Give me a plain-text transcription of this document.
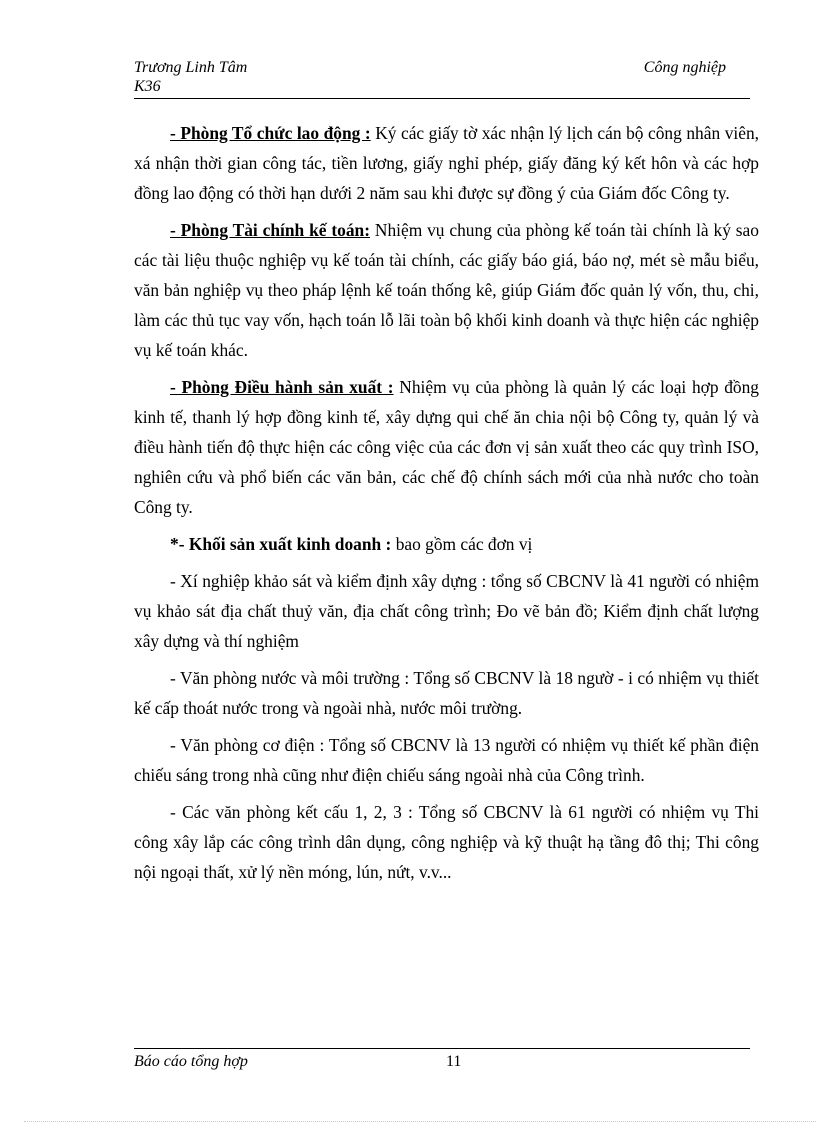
Trương Linh Tâm
K36
Công nghiệp

- Phòng Tổ chức lao động : Ký các giấy tờ xác nhận lý lịch cán bộ công nhân viên, xá nhận thời gian công tác, tiền lương, giấy nghỉ phép, giấy đăng ký kết hôn và các hợp đồng lao động có thời hạn dưới 2 năm sau khi được sự đồng ý của Giám đốc Công ty.

- Phòng Tài chính kế toán: Nhiệm vụ chung của phòng kế toán tài chính là ký sao các tài liệu thuộc nghiệp vụ kế toán tài chính, các giấy báo giá, báo nợ, mét sè mẫu biểu, văn bản nghiệp vụ theo pháp lệnh kế toán thống kê, giúp Giám đốc quản lý vốn, thu, chi, làm các thủ tục vay vốn, hạch toán lỗ lãi toàn bộ khối kinh doanh và thực hiện các nghiệp vụ kế toán khác.

- Phòng Điều hành sản xuất : Nhiệm vụ của phòng là quản lý các loại hợp đồng kinh tế, thanh lý hợp đồng kinh tế, xây dựng qui chế ăn chia nội bộ Công ty, quản lý và điều hành tiến độ thực hiện các công việc của các đơn vị sản xuất theo các quy trình ISO, nghiên cứu và phổ biến các văn bản, các chế độ chính sách mới của nhà nước cho toàn Công ty.

*- Khối sản xuất kinh doanh : bao gồm các đơn vị

- Xí nghiệp khảo sát và kiểm định xây dựng : tổng số CBCNV là 41 người có nhiệm vụ khảo sát địa chất thuỷ văn, địa chất công trình; Đo vẽ bản đồ; Kiểm định chất lượng xây dựng và thí nghiệm

- Văn phòng nước và môi trường : Tổng số CBCNV là 18 ngườ - i có nhiệm vụ thiết kế cấp thoát nước trong và ngoài nhà, nước môi trường.

- Văn phòng cơ điện : Tổng số CBCNV là 13 người có nhiệm vụ thiết kế phần điện chiếu sáng trong nhà cũng như điện chiếu sáng ngoài nhà của Công trình.

- Các văn phòng kết cấu 1, 2, 3 : Tổng số CBCNV là 61 người có nhiệm vụ Thi công xây lắp các công trình dân dụng, công nghiệp và kỹ thuật hạ tầng đô thị; Thi công nội ngoại thất, xử lý nền móng, lún, nứt, v.v...

Báo cáo tổng hợp	11
